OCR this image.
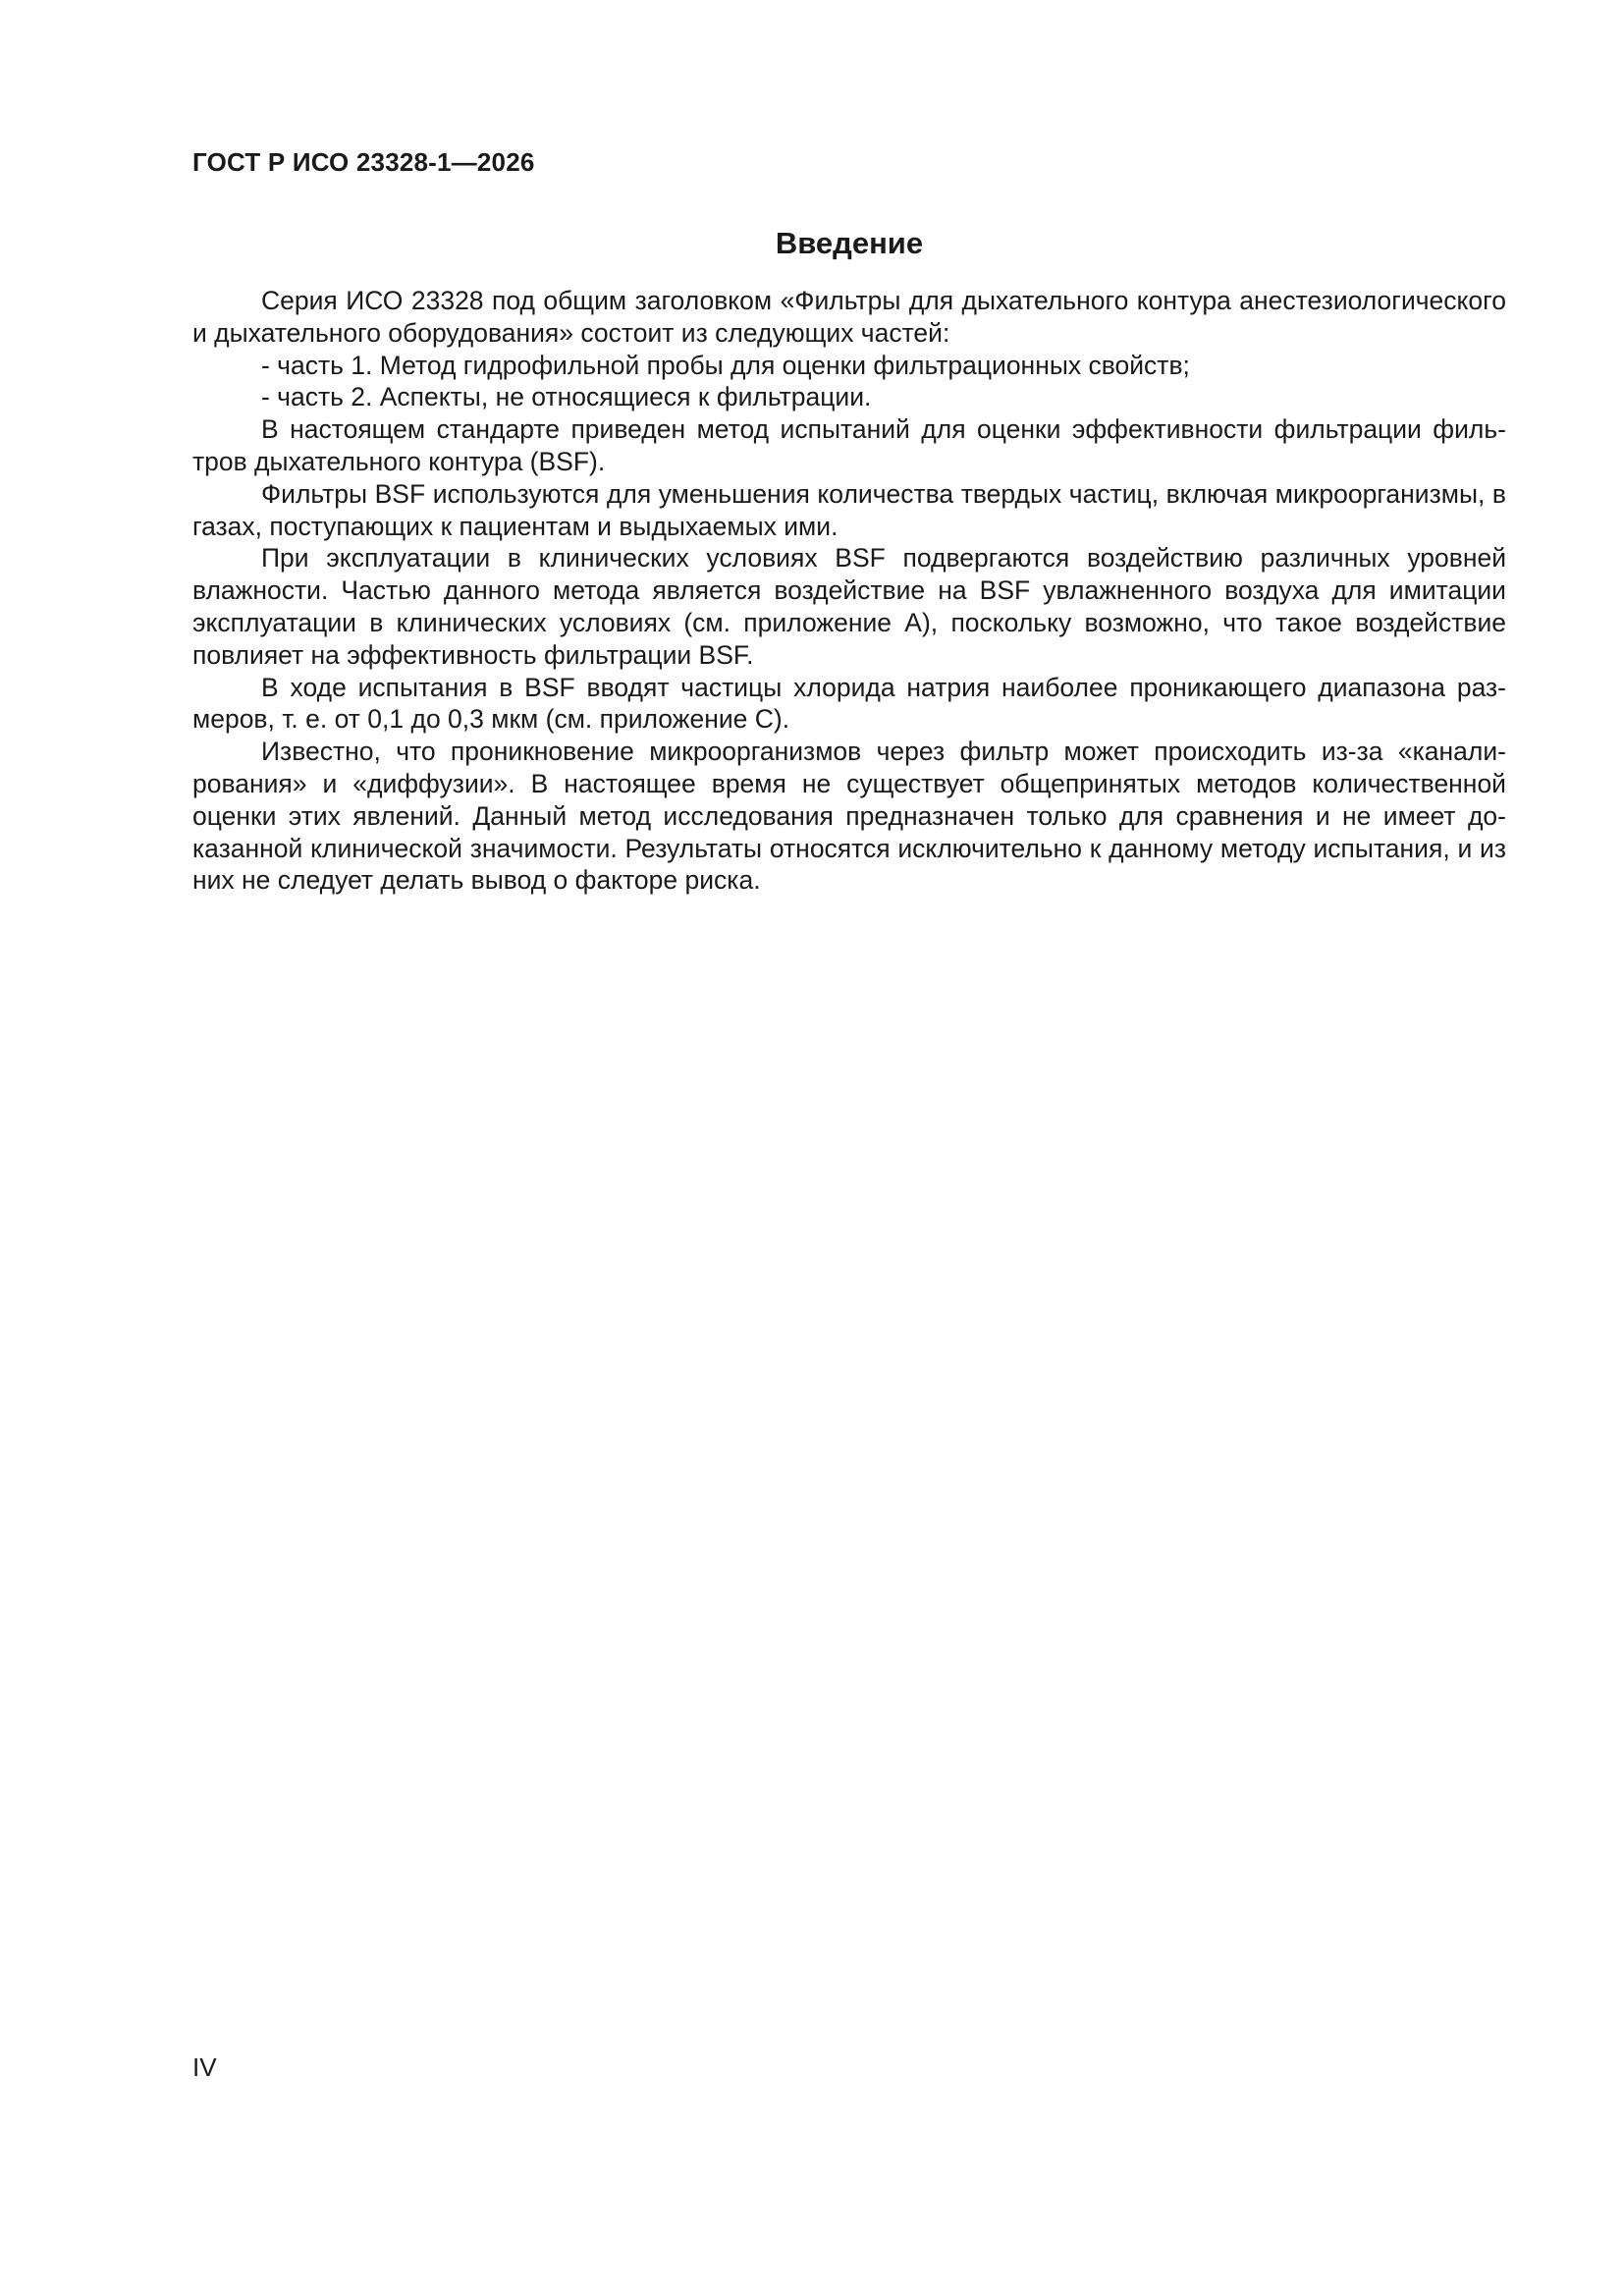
ГОСТ Р ИСО 23328-1—2026
Введение

Серия ИСО 23328 под общим заголовком «Фильтры для дыхательного контура анестезиологического и дыхательного оборудования» состоит из следующих частей:

- часть 1. Метод гидрофильной пробы для оценки фильтрационных свойств;

- часть 2. Аспекты, не относящиеся к фильтрации.

В настоящем стандарте приведен метод испытаний для оценки эффективности фильтрации фильтров дыхательного контура (BSF).

Фильтры BSF используются для уменьшения количества твердых частиц, включая микроорганизмы, в газах, поступающих к пациентам и выдыхаемых ими.

При эксплуатации в клинических условиях BSF подвергаются воздействию различных уровней влажности. Частью данного метода является воздействие на BSF увлажненного воздуха для имитации эксплуатации в клинических условиях (см. приложение А), поскольку возможно, что такое воздействие повлияет на эффективность фильтрации BSF.

В ходе испытания в BSF вводят частицы хлорида натрия наиболее проникающего диапазона размеров, т. е. от 0,1 до 0,3 мкм (см. приложение С).

Известно, что проникновение микроорганизмов через фильтр может происходить из-за «каналирования» и «диффузии». В настоящее время не существует общепринятых методов количественной оценки этих явлений. Данный метод исследования предназначен только для сравнения и не имеет доказанной клинической значимости. Результаты относятся исключительно к данному методу испытания, и из них не следует делать вывод о факторе риска.

IV
